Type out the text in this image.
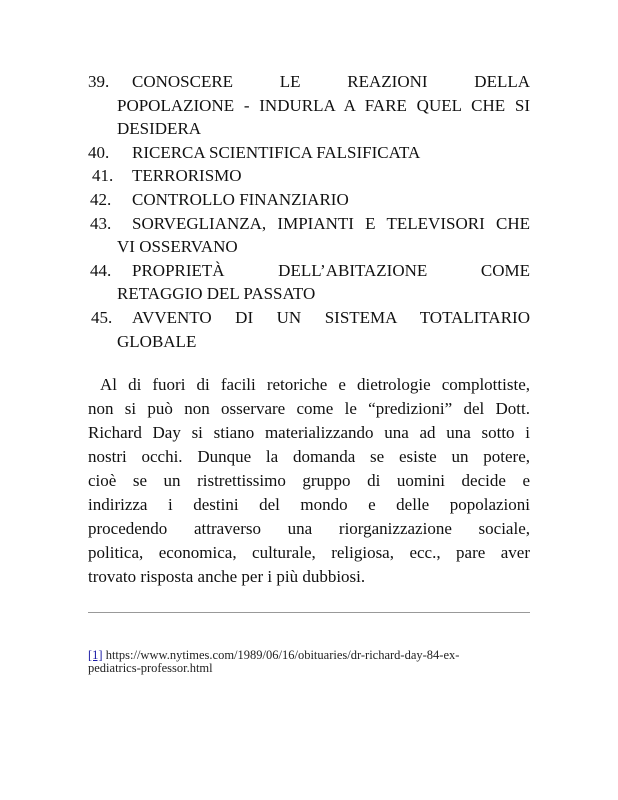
39. CONOSCERE LE REAZIONI DELLA
POPOLAZIONE - INDURLA A FARE QUEL CHE SI
DESIDERA
40. RICERCA SCIENTIFICA FALSIFICATA
41. TERRORISMO
42. CONTROLLO FINANZIARIO
43. SORVEGLIANZA, IMPIANTI E TELEVISORI CHE
VI OSSERVANO
44. PROPRIETÀ DELL’ABITAZIONE COME
RETAGGIO DEL PASSATO
45. AVVENTO DI UN SISTEMA TOTALITARIO
GLOBALE
Al di fuori di facili retoriche e dietrologie complottiste,
non si può non osservare come le “predizioni” del Dott.
Richard Day si stiano materializzando una ad una sotto i
nostri occhi. Dunque la domanda se esiste un potere,
cioè se un ristrettissimo gruppo di uomini decide e
indirizza i destini del mondo e delle popolazioni
procedendo attraverso una riorganizzazione sociale,
politica, economica, culturale, religiosa, ecc., pare aver
trovato risposta anche per i più dubbiosi.
[1] https://www.nytimes.com/1989/06/16/obituaries/dr-richard-day-84-ex-
pediatrics-professor.html
